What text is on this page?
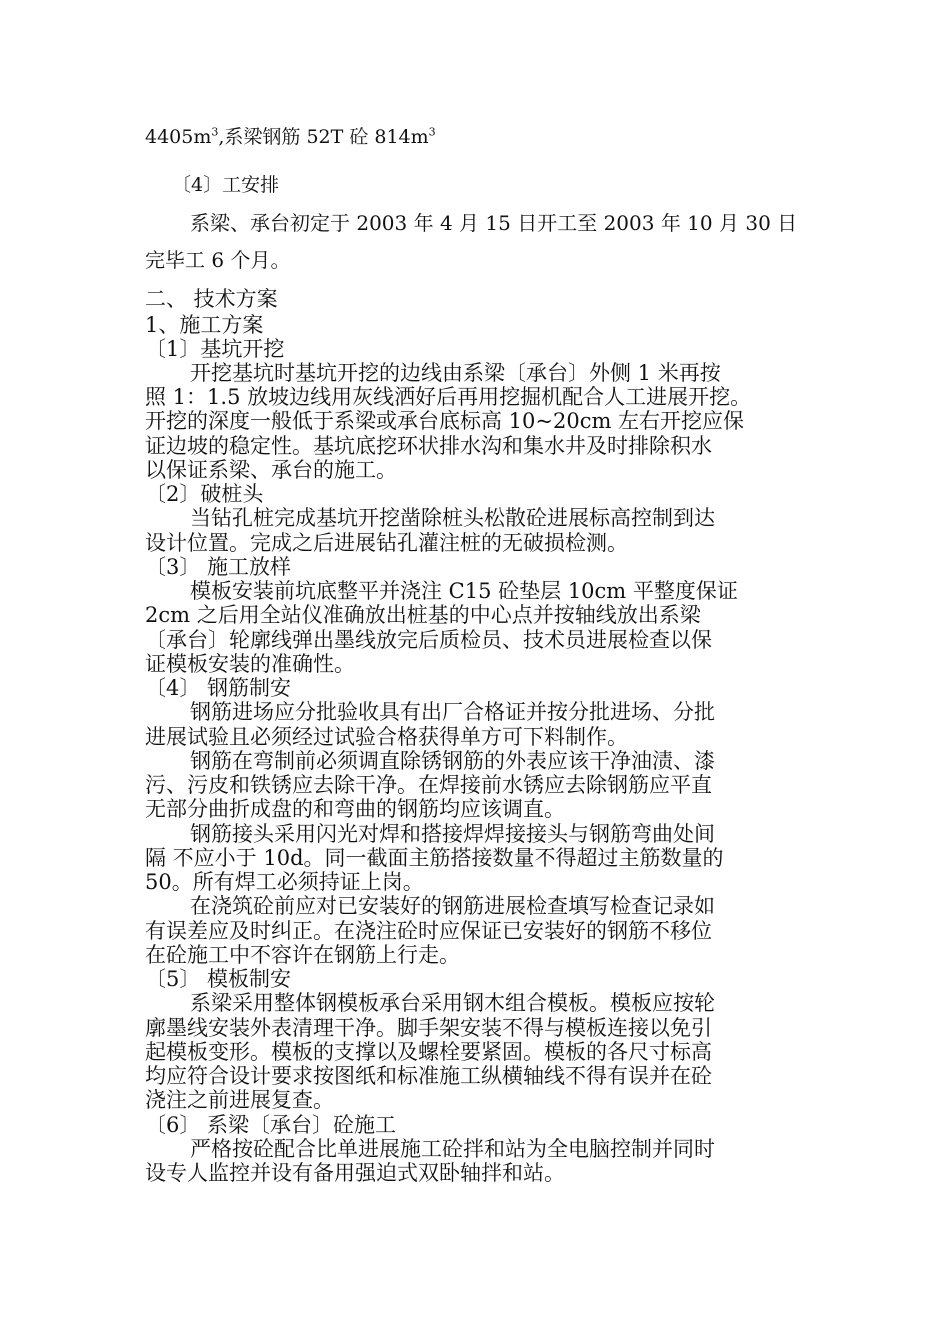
$4405m^3$,系梁钢筋 52T 砼 $814m^3$
〔4〕工安排
系梁、承台初定于 2003 年 4 月 15 日开工至 2003 年 10 月 30 日
完毕工 6 个月。
二、 技术方案
1、施工方案
〔1〕基坑开挖
开挖基坑时基坑开挖的边线由系梁〔承台〕外侧 1 米再按
照 1：1.5 放坡边线用灰线洒好后再用挖掘机配合人工进展开挖。
开挖的深度一般低于系梁或承台底标高 10~20cm 左右开挖应保
证边坡的稳定性。基坑底挖环状排水沟和集水井及时排除积水
以保证系梁、承台的施工。
〔2〕破桩头
当钻孔桩完成基坑开挖凿除桩头松散砼进展标高控制到达
设计位置。完成之后进展钻孔灌注桩的无破损检测。
〔3〕 施工放样
模板安装前坑底整平并浇注 C15 砼垫层 10cm 平整度保证
2cm 之后用全站仪准确放出桩基的中心点并按轴线放出系梁
〔承台〕轮廓线弹出墨线放完后质检员、技术员进展检查以保
证模板安装的准确性。
〔4〕 钢筋制安
钢筋进场应分批验收具有出厂合格证并按分批进场、分批
进展试验且必须经过试验合格获得单方可下料制作。
钢筋在弯制前必须调直除锈钢筋的外表应该干净油渍、漆
污、污皮和铁锈应去除干净。在焊接前水锈应去除钢筋应平直
无部分曲折成盘的和弯曲的钢筋均应该调直。
钢筋接头采用闪光对焊和搭接焊焊接接头与钢筋弯曲处间
隔 不应小于 10d。同一截面主筋搭接数量不得超过主筋数量的
50。所有焊工必须持证上岗。
在浇筑砼前应对已安装好的钢筋进展检查填写检查记录如
有误差应及时纠正。在浇注砼时应保证已安装好的钢筋不移位
在砼施工中不容许在钢筋上行走。
〔5〕 模板制安
系梁采用整体钢模板承台采用钢木组合模板。模板应按轮
廓墨线安装外表清理干净。脚手架安装不得与模板连接以免引
起模板变形。模板的支撑以及螺栓要紧固。模板的各尺寸标高
均应符合设计要求按图纸和标准施工纵横轴线不得有误并在砼
浇注之前进展复查。
〔6〕 系梁〔承台〕砼施工
严格按砼配合比单进展施工砼拌和站为全电脑控制并同时
设专人监控并设有备用强迫式双卧轴拌和站。
